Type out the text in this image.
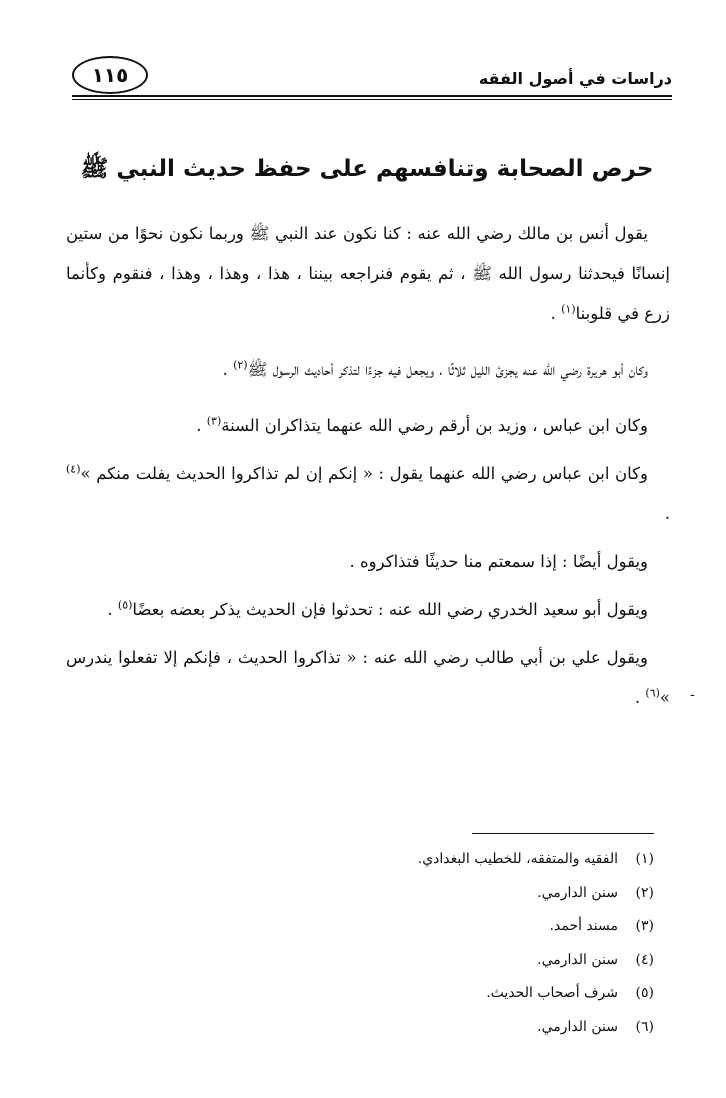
١١٥	دراسات في أصول الفقه
حرص الصحابة وتنافسهم على حفظ حديث النبي ﷺ

يقول أنس بن مالك رضي الله عنه : كنا نكون عند النبي ﷺ وربما نكون نحوًا من ستين إنسانًا فيحدثنا رسول الله ﷺ ، ثم يقوم فنراجعه بيننا ، هذا ، وهذا ، وهذا ، فنقوم وكأنما زرع في قلوبنا$^{(١)}$ .

وكان أبو هريرة رضي الله عنه يجزئ الليل ثلاثًا ، ويجعل فيه جزءًا لتذكر أحاديث الرسول ﷺ$^{(٢)}$ .

وكان ابن عباس ، وزيد بن أرقم رضي الله عنهما يتذاكران السنة$^{(٣)}$ .

وكان ابن عباس رضي الله عنهما يقول : « إنكم إن لم تذاكروا الحديث يفلت منكم »$^{(٤)}$ .

ويقول أيضًا : إذا سمعتم منا حديثًا فتذاكروه .

ويقول أبو سعيد الخدري رضي الله عنه : تحدثوا فإن الحديث يذكر بعضه بعضًا$^{(٥)}$ .

ويقول علي بن أبي طالب رضي الله عنه : « تذاكروا الحديث ، فإنكم إلا تفعلوا يندرس »$^{(٦)}$ .	-
(١)الفقيه والمتفقه، للخطيب البغدادي.
(٢)سنن الدارمي.
(٣)مسند أحمد.
(٤)سنن الدارمي.
(٥)شرف أصحاب الحديث.
(٦)سنن الدارمي.
